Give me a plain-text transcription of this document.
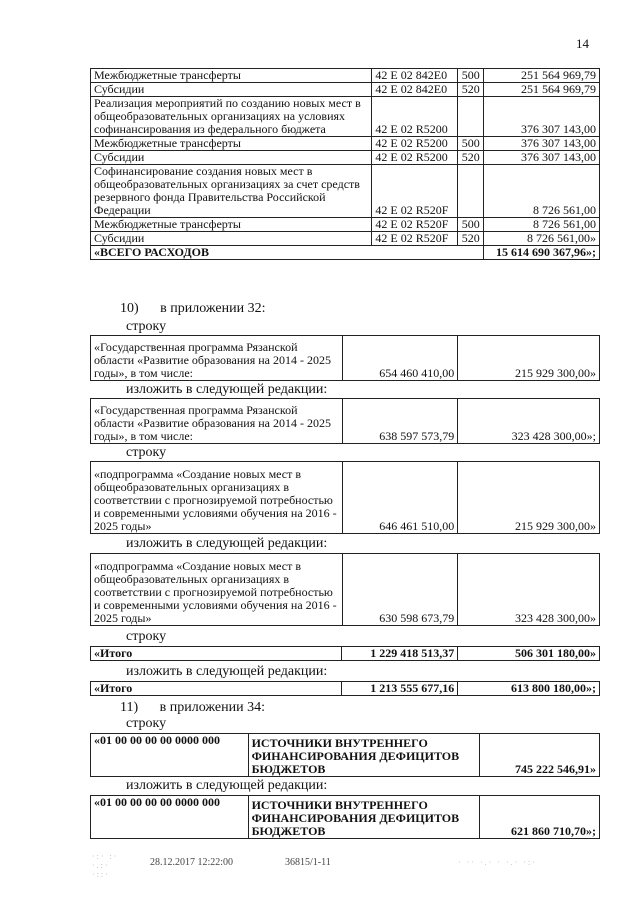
14
Межбюджетные трансферты	42 Е 02 842Е0	500	251 564 969,79
Субсидии	42 Е 02 842Е0	520	251 564 969,79
Реализация мероприятий по созданию новых мест в общеобразовательных организациях на условиях софинансирования из федерального бюджета	42 Е 02 R5200		376 307 143,00
Межбюджетные трансферты	42 Е 02 R5200	500	376 307 143,00
Субсидии	42 Е 02 R5200	520	376 307 143,00
Софинансирование создания новых мест в общеобразовательных организациях за счет средств резервного фонда Правительства Российской Федерации	42 Е 02 R520F		8 726 561,00
Межбюджетные трансферты	42 Е 02 R520F	500	8 726 561,00
Субсидии	42 Е 02 R520F	520	8 726 561,00»
«ВСЕГО РАСХОДОВ			15 614 690 367,96»;
10) в приложении 32:
строку
«Государственная программа Рязанской области «Развитие образования на 2014 - 2025 годы», в том числе:	654 460 410,00	215 929 300,00»
изложить в следующей редакции:
«Государственная программа Рязанской области «Развитие образования на 2014 - 2025 годы», в том числе:	638 597 573,79	323 428 300,00»;
строку
«подпрограмма «Создание новых мест в общеобразовательных организациях в соответствии с прогнозируемой потребностью и современными условиями обучения на 2016 - 2025 годы»	646 461 510,00	215 929 300,00»
изложить в следующей редакции:
«подпрограмма «Создание новых мест в общеобразовательных организациях в соответствии с прогнозируемой потребностью и современными условиями обучения на 2016 - 2025 годы»	630 598 673,79	323 428 300,00»
строку
«Итого	1 229 418 513,37	506 301 180,00»
изложить в следующей редакции:
«Итого	1 213 555 677,16	613 800 180,00»;
11) в приложении 34:
строку
«01 00 00 00 00 0000 000	ИСТОЧНИКИ ВНУТРЕННЕГО ФИНАНСИРОВАНИЯ ДЕФИЦИТОВ БЮДЖЕТОВ	745 222 546,91»
изложить в следующей редакции:
«01 00 00 00 00 0000 000	ИСТОЧНИКИ ВНУТРЕННЕГО ФИНАНСИРОВАНИЯ ДЕФИЦИТОВ БЮДЖЕТОВ	621 860 710,70»;
28.12.2017 12:22:00	36815/1-11
·:· :·
·.:·
·::·
· ·· ·.· · ·.· ·:·
